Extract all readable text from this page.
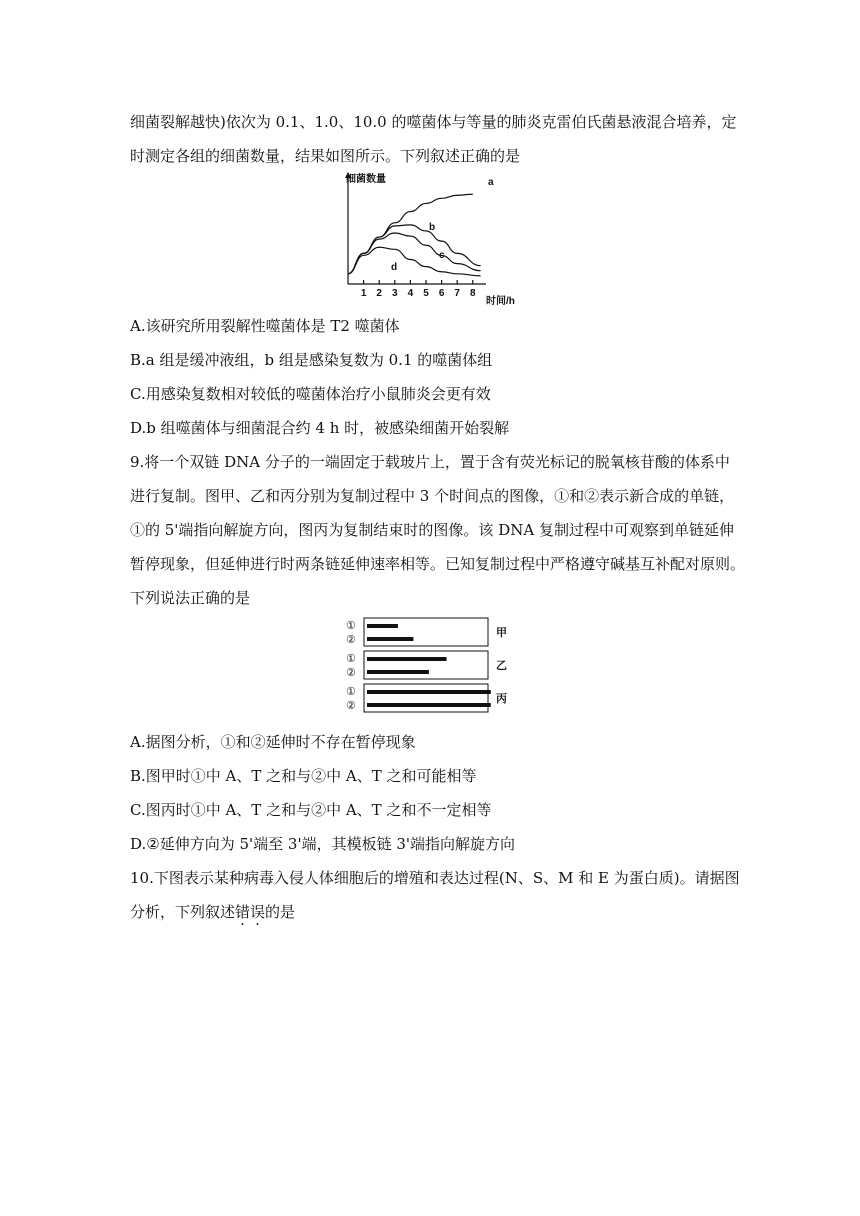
细菌裂解越快)依次为 0.1、1.0、10.0 的噬菌体与等量的肺炎克雷伯氏菌悬液混合培养，定
时测定各组的细菌数量，结果如图所示。下列叙述正确的是
1 2 3 4 5 6 7 8
a
b
c
d
细菌数量
时间/h
A.该研究所用裂解性噬菌体是 T2 噬菌体
B.a 组是缓冲液组，b 组是感染复数为 0.1 的噬菌体组
C.用感染复数相对较低的噬菌体治疗小鼠肺炎会更有效
D.b 组噬菌体与细菌混合约 4 h 时，被感染细菌开始裂解
9.将一个双链 DNA 分子的一端固定于载玻片上，置于含有荧光标记的脱氧核苷酸的体系中
进行复制。图甲、乙和丙分别为复制过程中 3 个时间点的图像，①和②表示新合成的单链，
①的 5'端指向解旋方向，图丙为复制结束时的图像。该 DNA 复制过程中可观察到单链延伸
暂停现象，但延伸进行时两条链延伸速率相等。已知复制过程中严格遵守碱基互补配对原则。
下列说法正确的是
①
②
甲
①
②
乙
①
②
丙
A.据图分析，①和②延伸时不存在暂停现象
B.图甲时①中 A、T 之和与②中 A、T 之和可能相等
C.图丙时①中 A、T 之和与②中 A、T 之和不一定相等
D.②延伸方向为 5'端至 3'端，其模板链 3'端指向解旋方向
10.下图表示某种病毒入侵人体细胞后的增殖和表达过程(N、S、M 和 E 为蛋白质)。请据图
分析，下列叙述错误的是
